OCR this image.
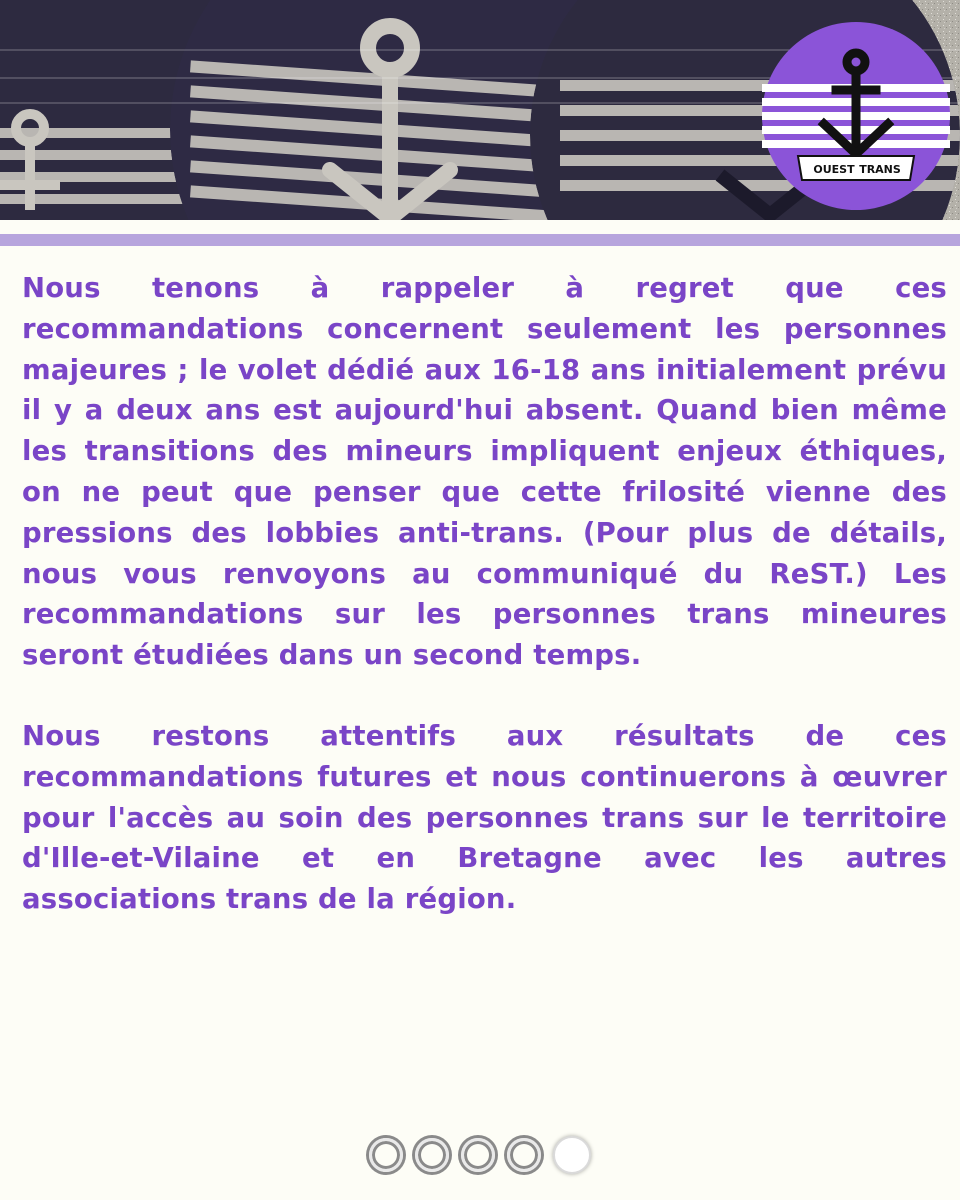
OUEST TRANS

Nous tenons à rappeler à regret que ces recommandations concernent seulement les personnes majeures ; le volet dédié aux 16-18 ans initialement prévu il y a deux ans est aujourd'hui absent. Quand bien même les transitions des mineurs impliquent enjeux éthiques, on ne peut que penser que cette frilosité vienne des pressions des lobbies anti-trans. (Pour plus de détails, nous vous renvoyons au communiqué du ReST.) Les recommandations sur les personnes trans mineures seront étudiées dans un second temps.

Nous restons attentifs aux résultats de ces recommandations futures et nous continuerons à œuvrer pour l'accès au soin des personnes trans sur le territoire d'Ille-et-Vilaine et en Bretagne avec les autres associations trans de la région.
